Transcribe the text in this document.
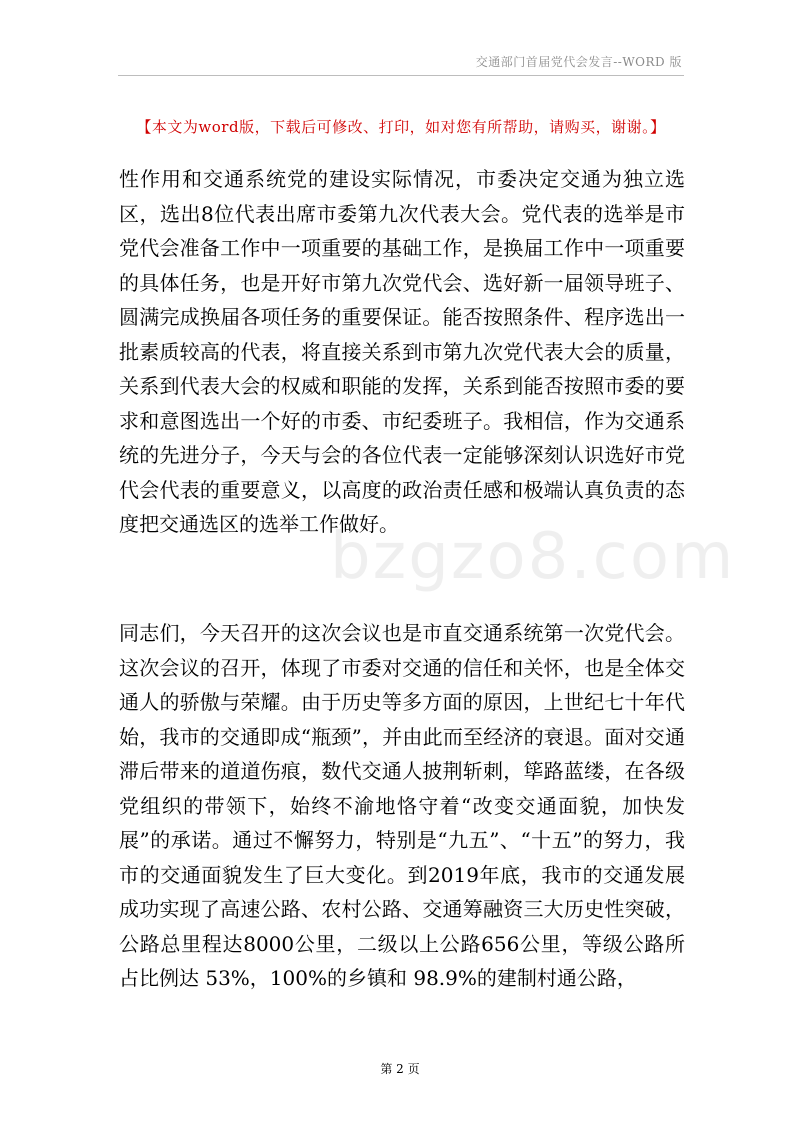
交通部门首届党代会发言--WORD 版
【本文为word版，下载后可修改、打印，如对您有所帮助，请购买，谢谢。】

性作用和交通系统党的建设实际情况，市委决定交通为独立选区，选出8位代表出席市委第九次代表大会。党代表的选举是市党代会准备工作中一项重要的基础工作，是换届工作中一项重要的具体任务，也是开好市第九次党代会、选好新一届领导班子、圆满完成换届各项任务的重要保证。能否按照条件、程序选出一批素质较高的代表，将直接关系到市第九次党代表大会的质量，关系到代表大会的权威和职能的发挥，关系到能否按照市委的要求和意图选出一个好的市委、市纪委班子。我相信，作为交通系统的先进分子，今天与会的各位代表一定能够深刻认识选好市党代会代表的重要意义，以高度的政治责任感和极端认真负责的态度把交通选区的选举工作做好。

bzgzo8.com

同志们，今天召开的这次会议也是市直交通系统第一次党代会。这次会议的召开，体现了市委对交通的信任和关怀，也是全体交通人的骄傲与荣耀。由于历史等多方面的原因，上世纪七十年代始，我市的交通即成“瓶颈”，并由此而至经济的衰退。面对交通滞后带来的道道伤痕，数代交通人披荆斩刺，筚路蓝缕，在各级党组织的带领下，始终不渝地恪守着“改变交通面貌，加快发展”的承诺。通过不懈努力，特别是“九五”、“十五”的努力，我市的交通面貌发生了巨大变化。到2019年底，我市的交通发展成功实现了高速公路、农村公路、交通筹融资三大历史性突破，公路总里程达8000公里，二级以上公路656公里，等级公路所占比例达 53%，100%的乡镇和 98.9%的建制村通公路，

第 2 页
